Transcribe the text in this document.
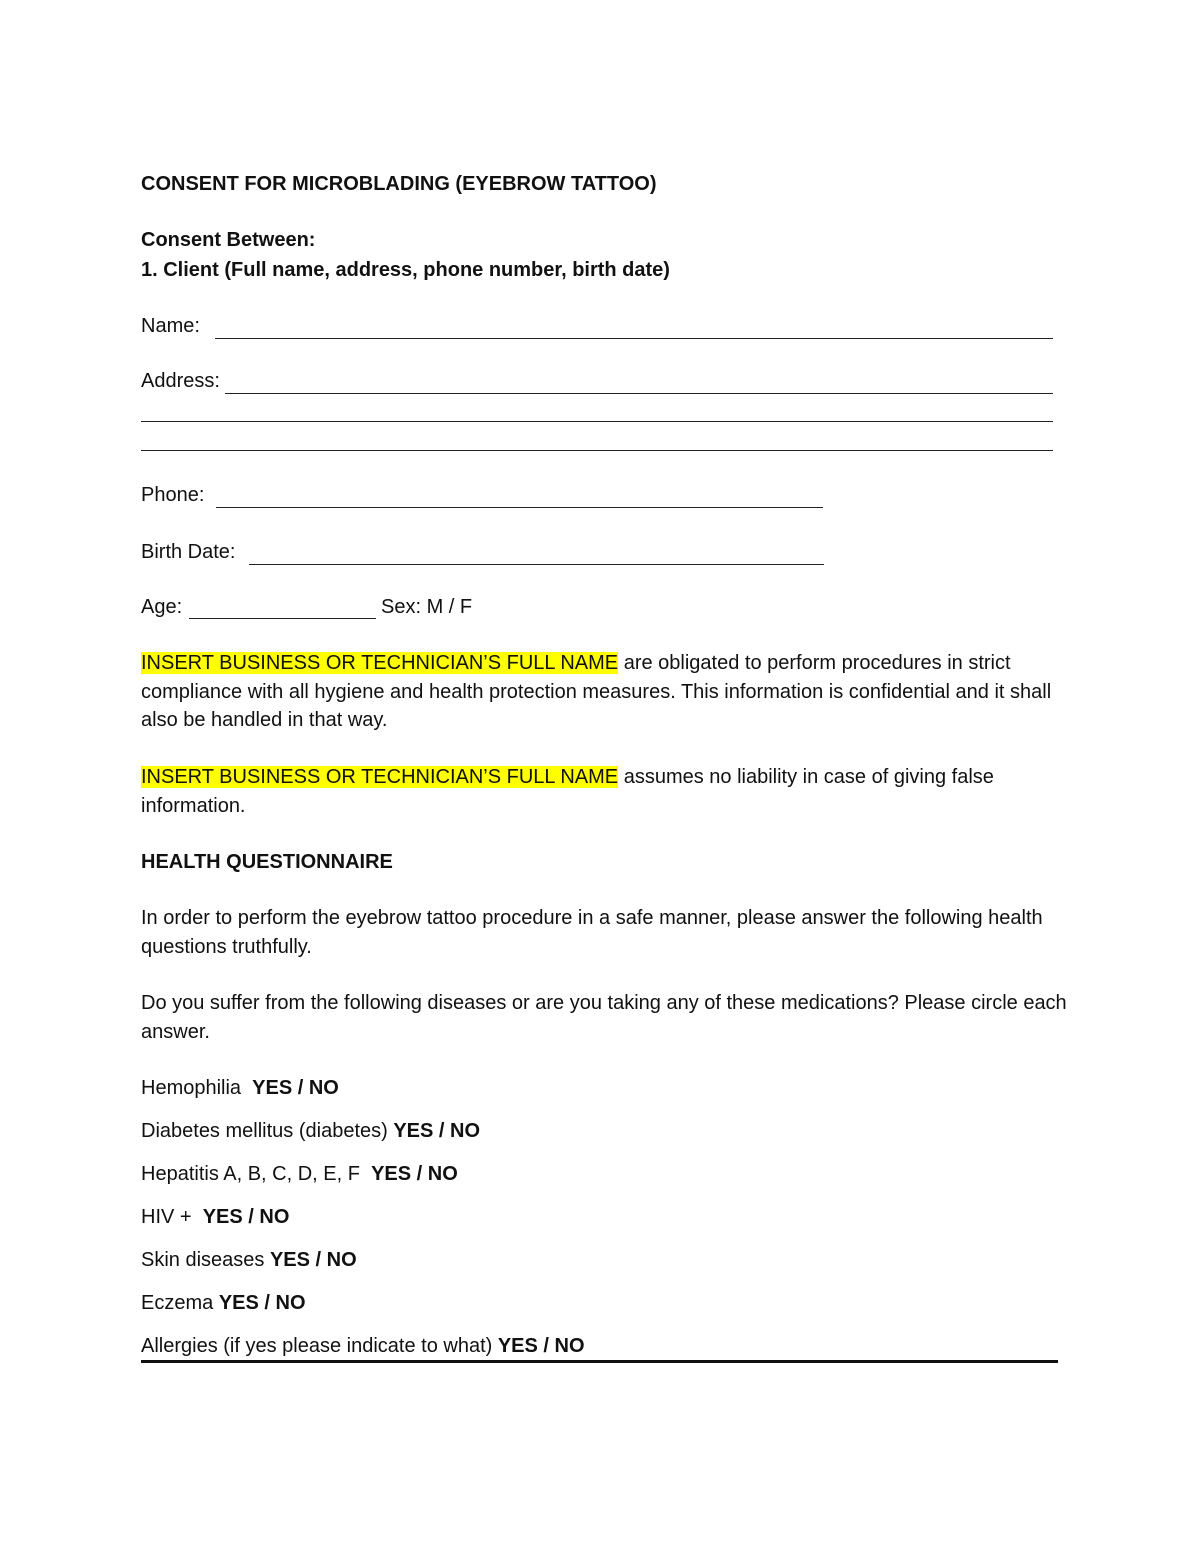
CONSENT FOR MICROBLADING (EYEBROW TATTOO)
Consent Between:
1. Client (Full name, address, phone number, birth date)
Name:
Address:
Phone:
Birth Date:
Age:	Sex: M / F
INSERT BUSINESS OR TECHNICIAN’S FULL NAME are obligated to perform procedures in strict compliance with all hygiene and health protection measures. This information is confidential and it shall also be handled in that way.
INSERT BUSINESS OR TECHNICIAN’S FULL NAME assumes no liability in case of giving false information.
HEALTH QUESTIONNAIRE
In order to perform the eyebrow tattoo procedure in a safe manner, please answer the following health questions truthfully.
Do you suffer from the following diseases or are you taking any of these medications? Please circle each answer.
Hemophilia  YES / NO
Diabetes mellitus (diabetes) YES / NO
Hepatitis A, B, C, D, E, F  YES / NO
HIV +  YES / NO
Skin diseases YES / NO
Eczema YES / NO
Allergies (if yes please indicate to what) YES / NO
